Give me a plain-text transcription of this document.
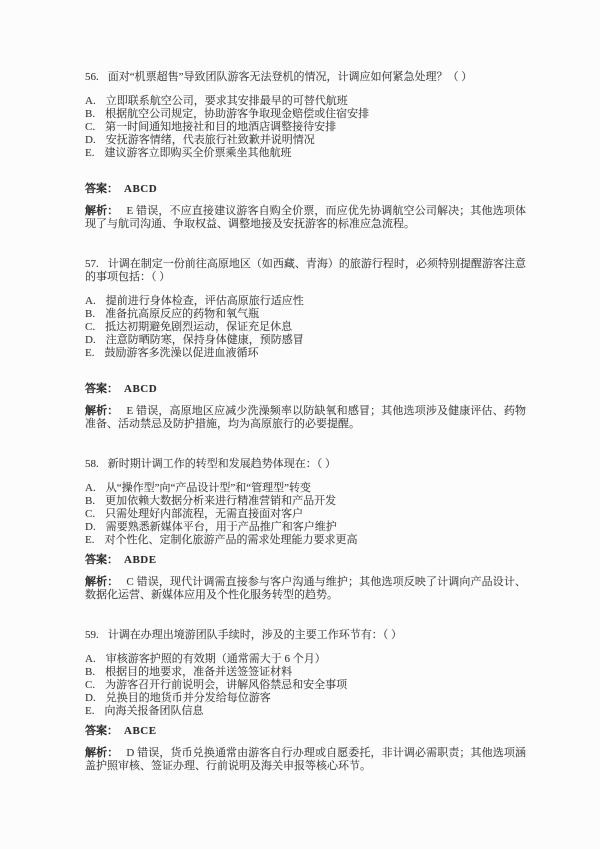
56. 面对“机票超售”导致团队游客无法登机的情况，计调应如何紧急处理？（ ）

A. 立即联系航空公司，要求其安排最早的可替代航班

B. 根据航空公司规定，协助游客争取现金赔偿或住宿安排

C. 第一时间通知地接社和目的地酒店调整接待安排

D. 安抚游客情绪，代表旅行社致歉并说明情况

E. 建议游客立即购买全价票乘坐其他航班

答案： ABCD

解析： E 错误，不应直接建议游客自购全价票，而应优先协调航空公司解决；其他选项体现了与航司沟通、争取权益、调整地接及安抚游客的标准应急流程。

57. 计调在制定一份前往高原地区（如西藏、青海）的旅游行程时，必须特别提醒游客注意的事项包括：（ ）

A. 提前进行身体检查，评估高原旅行适应性

B. 准备抗高原反应的药物和氧气瓶

C. 抵达初期避免剧烈运动，保证充足休息

D. 注意防晒防寒，保持身体健康，预防感冒

E. 鼓励游客多洗澡以促进血液循环

答案： ABCD

解析： E 错误，高原地区应减少洗澡频率以防缺氧和感冒；其他选项涉及健康评估、药物准备、活动禁忌及防护措施，均为高原旅行的必要提醒。

58. 新时期计调工作的转型和发展趋势体现在：（ ）

A. 从“操作型”向“产品设计型”和“管理型”转变

B. 更加依赖大数据分析来进行精准营销和产品开发

C. 只需处理好内部流程，无需直接面对客户

D. 需要熟悉新媒体平台，用于产品推广和客户维护

E. 对个性化、定制化旅游产品的需求处理能力要求更高

答案： ABDE

解析： C 错误，现代计调需直接参与客户沟通与维护；其他选项反映了计调向产品设计、数据化运营、新媒体应用及个性化服务转型的趋势。

59. 计调在办理出境游团队手续时，涉及的主要工作环节有：（ ）

A. 审核游客护照的有效期（通常需大于 6 个月）

B. 根据目的地要求，准备并送签签证材料

C. 为游客召开行前说明会，讲解风俗禁忌和安全事项

D. 兑换目的地货币并分发给每位游客

E. 向海关报备团队信息

答案： ABCE

解析： D 错误，货币兑换通常由游客自行办理或自愿委托，非计调必需职责；其他选项涵盖护照审核、签证办理、行前说明及海关申报等核心环节。
